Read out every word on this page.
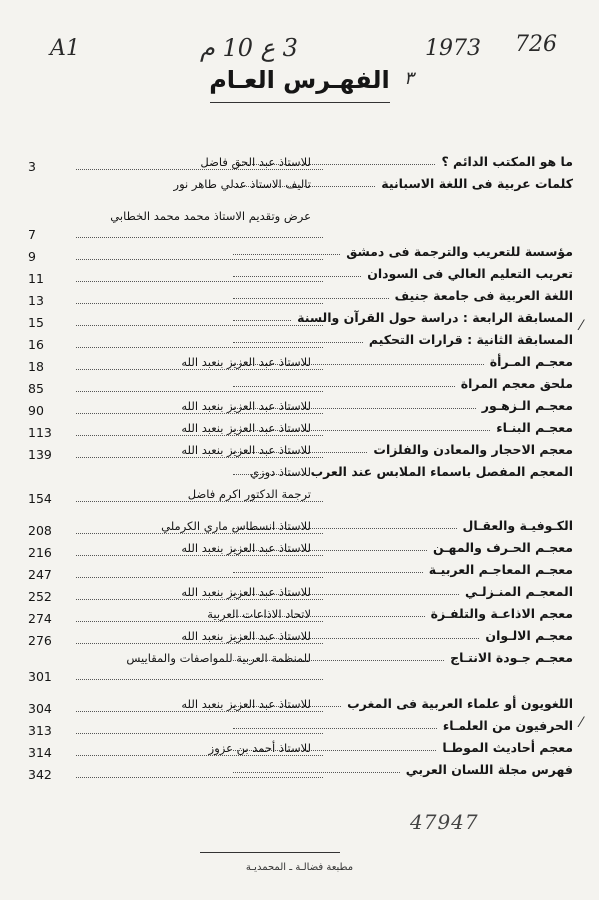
A1	3 ع 10 م	1973 726
٣
الفهـرس العـام
ما هو المكتب الدائم ؟
للاستاذ عبد الحق فاضل
3
كلمات عربية فى اللغة الاسبانية
تاليف الاستاذ عدلي طاهر نور
عرض وتقديم الاستاذ محمد محمد الخطابي
7
مؤسسة للتعريب والترجمة فى دمشق
9
تعريب التعليم العالي فى السودان
11
اللغة العربية فى جامعة جنيف
13
المسابقة الرابعة : دراسة حول القرآن والسنة
15
المسابقة الثانية : قرارات التحكيم
16
معجـم المـرأة
للاستاذ عبد العزيز بنعبد الله
18
ملحق معجم المراة
85
معجـم الـزهـور
للاستاذ عبد العزيز بنعبد الله
90
معجـم البنـاء
للاستاذ عبد العزيز بنعبد الله
113
معجم الاحجار والمعادن والفلزات
للاستاذ عبد العزيز بنعبد الله
139
المعجم المفصل باسماء الملابس عند العرب
للاستاذ دوزي
ترجمة الدكتور اكرم فاضل
154
الكـوفيـة والعقـال
للاستاذ انسطاس ماري الكرملي
208
معجـم الحـرف والمهـن
للاستاذ عبد العزيز بنعبد الله
216
معجـم المعاجـم العربيـة
247
المعجـم المنـزلـي
للاستاذ عبد العزيز بنعبد الله
252
معجم الاذاعـة والتلفـزة
لاتحاد الاذاعات العربية
274
معجـم الالـوان
للاستاذ عبد العزيز بنعبد الله
276
معجـم جـودة الانتـاج
للمنظمة العربية للمواصفات والمقاييس
301
اللغويون أو علماء العربية فى المغرب
للاستاذ عبد العزيز بنعبد الله
304
الحرفيون من العلمـاء
313
معجم أحاديث الموطـا
للاستاذ أحمد بن عزوز
314
فهرس مجلة اللسان العربي
342
⁄
⁄
47947
مطبعة فضالـة ـ المحمديـة
